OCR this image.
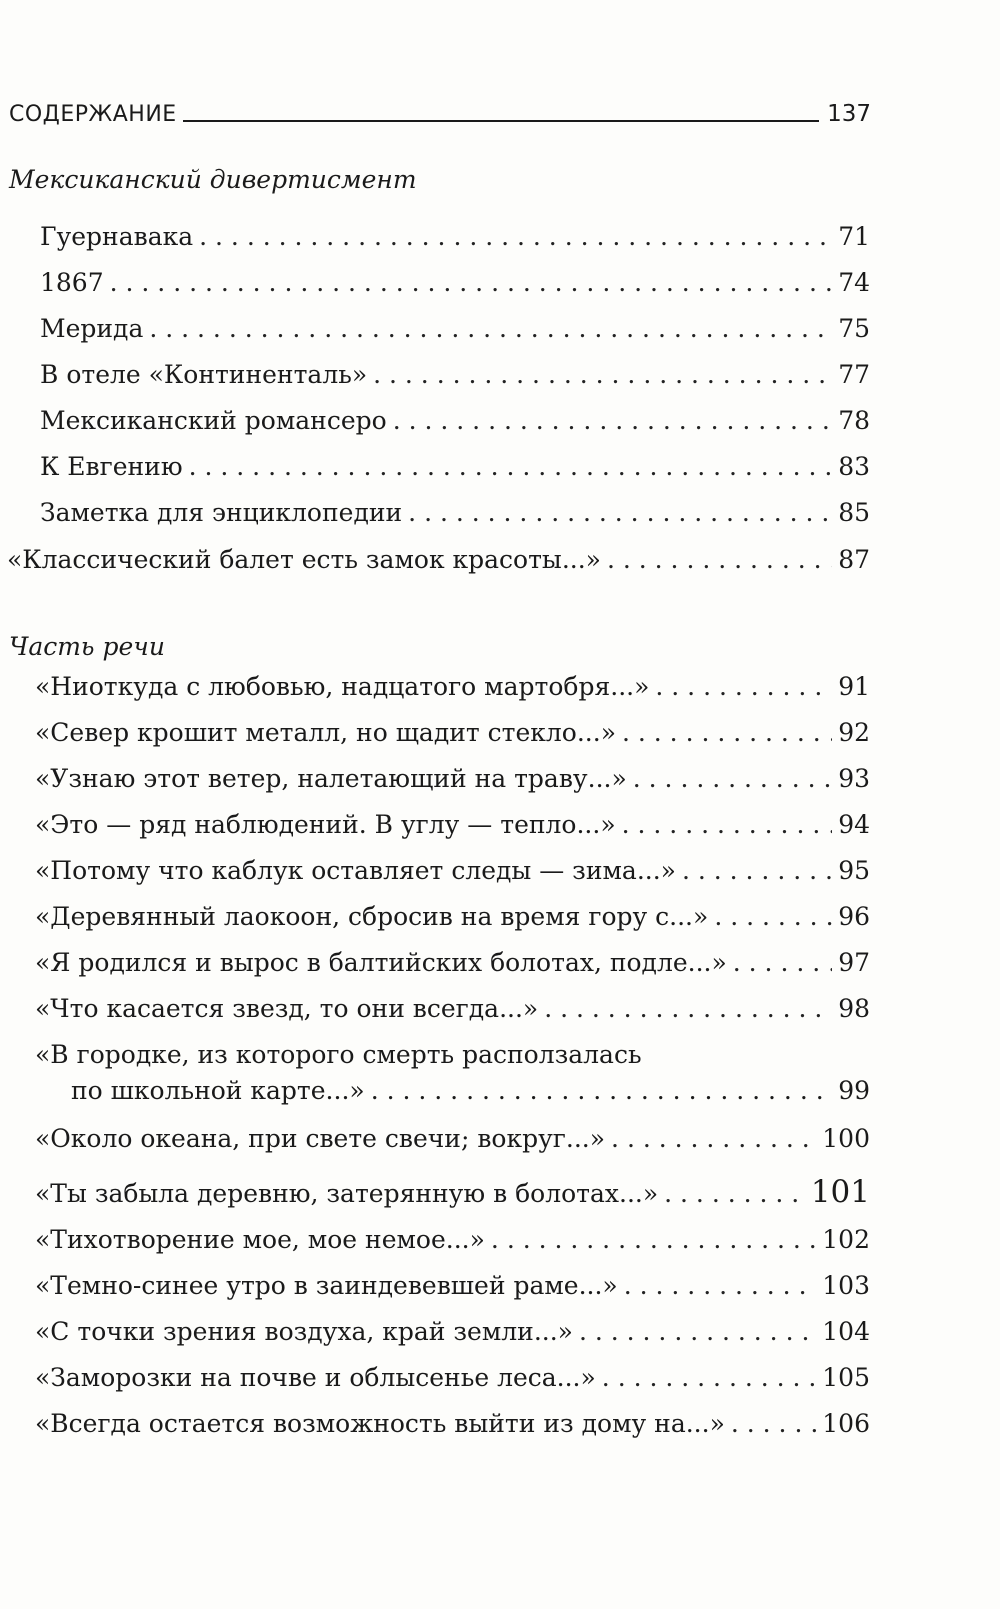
СОДЕРЖАНИЕ	137
Мексиканский дивертисмент
Гуернавака . . .	71
1867 . . .	74
Мерида . . .	75
В отеле «Континенталь» . . .	77
Мексиканский романсеро . . .	78
К Евгению . . .	83
Заметка для энциклопедии . . .	85
«Классический балет есть замок красоты...» . . .	87
Часть речи
«Ниоткуда с любовью, надцатого мартобря...» . . .	91
«Север крошит металл, но щадит стекло...» . . .	92
«Узнаю этот ветер, налетающий на траву...» . . .	93
«Это — ряд наблюдений. В углу — тепло...» . . .	94
«Потому что каблук оставляет следы — зима...» . . .	95
«Деревянный лаокоон, сбросив на время гору с...» . . .	96
«Я родился и вырос в балтийских болотах, подле...» . . .	97
«Что касается звезд, то они всегда...» . . .	98
«В городке, из которого смерть расползалась
по школьной карте...» . . .	99
«Около океана, при свете свечи; вокруг...» . . .	100
«Ты забыла деревню, затерянную в болотах...» . . .	101
«Тихотворение мое, мое немое...» . . .	102
«Темно-синее утро в заиндевевшей раме...» . . .	103
«С точки зрения воздуха, край земли...» . . .	104
«Заморозки на почве и облысенье леса...» . . .	105
«Всегда остается возможность выйти из дому на...» . . .	106
